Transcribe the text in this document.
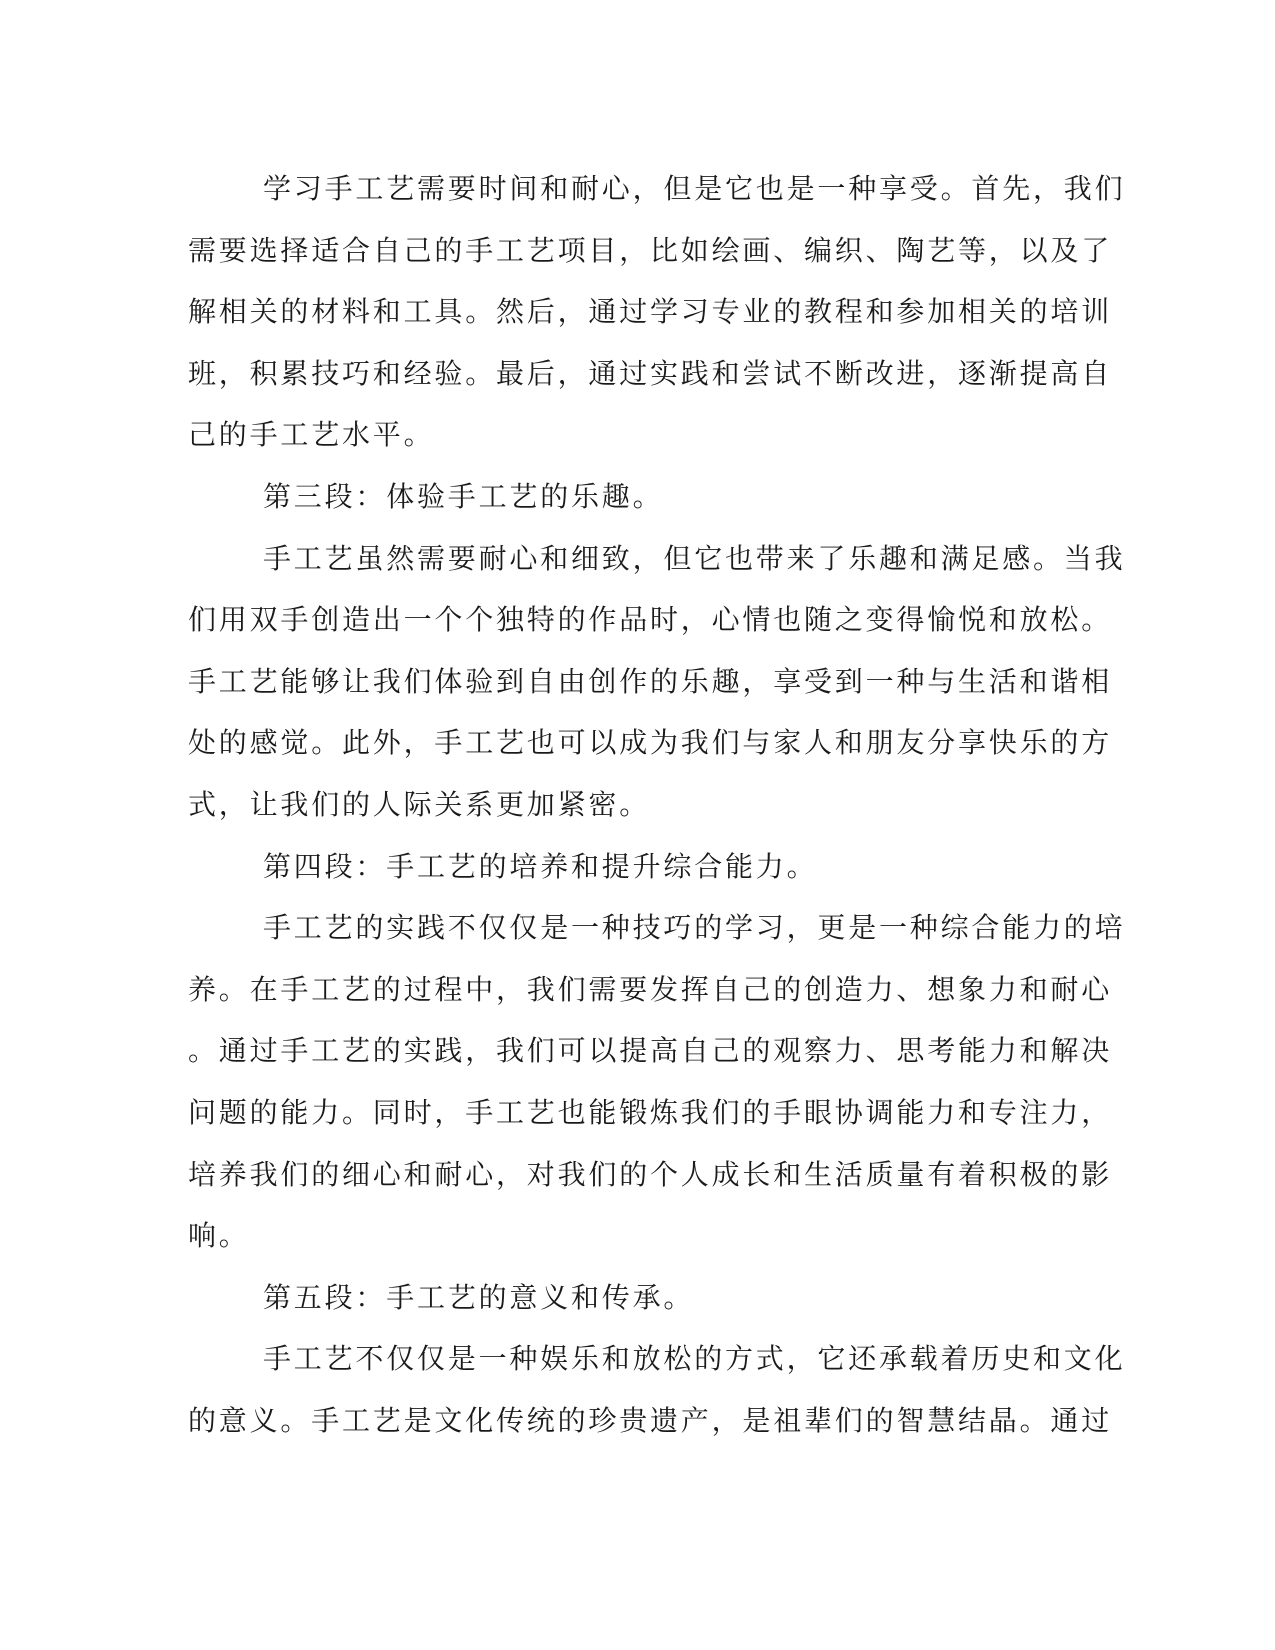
学习手工艺需要时间和耐心，但是它也是一种享受。首先，我们
需要选择适合自己的手工艺项目，比如绘画、编织、陶艺等，以及了
解相关的材料和工具。然后，通过学习专业的教程和参加相关的培训
班，积累技巧和经验。最后，通过实践和尝试不断改进，逐渐提高自
己的手工艺水平。
第三段：体验手工艺的乐趣。
手工艺虽然需要耐心和细致，但它也带来了乐趣和满足感。当我
们用双手创造出一个个独特的作品时，心情也随之变得愉悦和放松。
手工艺能够让我们体验到自由创作的乐趣，享受到一种与生活和谐相
处的感觉。此外，手工艺也可以成为我们与家人和朋友分享快乐的方
式，让我们的人际关系更加紧密。
第四段：手工艺的培养和提升综合能力。
手工艺的实践不仅仅是一种技巧的学习，更是一种综合能力的培
养。在手工艺的过程中，我们需要发挥自己的创造力、想象力和耐心
。通过手工艺的实践，我们可以提高自己的观察力、思考能力和解决
问题的能力。同时，手工艺也能锻炼我们的手眼协调能力和专注力，
培养我们的细心和耐心，对我们的个人成长和生活质量有着积极的影
响。
第五段：手工艺的意义和传承。
手工艺不仅仅是一种娱乐和放松的方式，它还承载着历史和文化
的意义。手工艺是文化传统的珍贵遗产，是祖辈们的智慧结晶。通过
